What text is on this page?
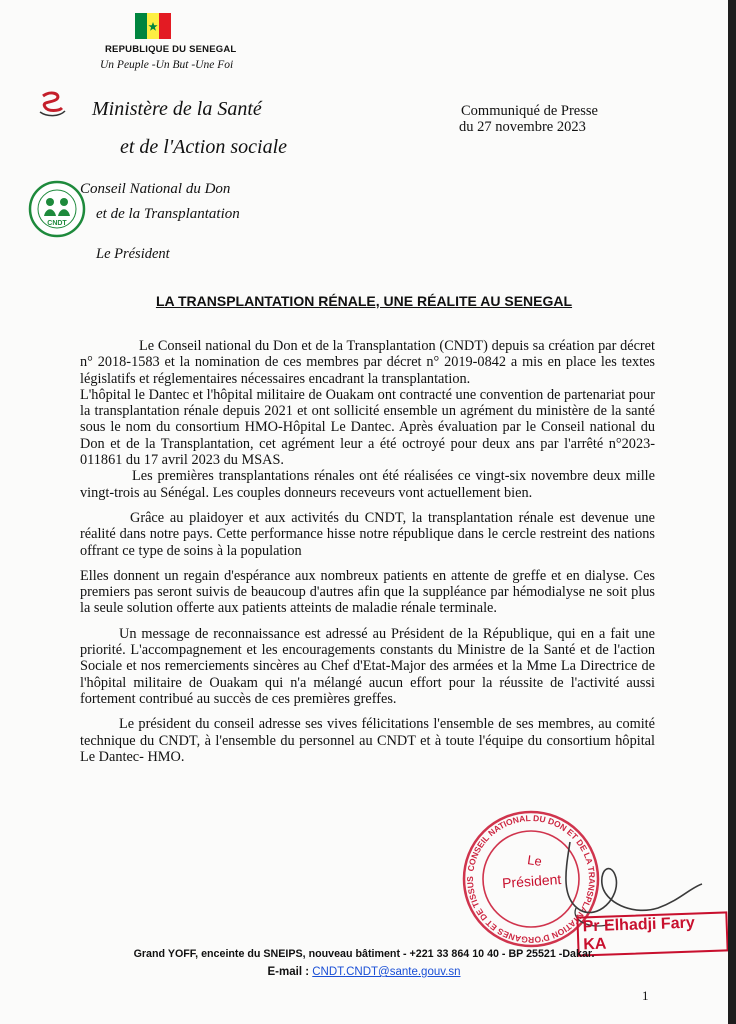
REPUBLIQUE DU SENEGAL
Un Peuple -Un But -Une Foi
Ministère de la Santé
et de l'Action sociale
Communiqué de Presse
du 27 novembre 2023
CNDT
Conseil National du Don
et de la Transplantation
Le Président
LA TRANSPLANTATION RÉNALE, UNE RÉALITE AU SENEGAL

Le Conseil national du Don et de la Transplantation (CNDT) depuis sa création par décret n° 2018-1583 et la nomination de ces membres par décret n° 2019-0842 a mis en place les textes législatifs et réglementaires nécessaires encadrant la transplantation.

L'hôpital le Dantec et l'hôpital militaire de Ouakam ont contracté une convention de partenariat pour la transplantation rénale depuis 2021 et ont sollicité ensemble un agrément du ministère de la santé sous le nom du consortium HMO-Hôpital Le Dantec. Après évaluation par le Conseil national du Don et de la Transplantation, cet agrément leur a été octroyé pour deux ans par l'arrêté n°2023-011861 du 17 avril 2023 du MSAS.

Les premières transplantations rénales ont été réalisées ce vingt-six novembre deux mille vingt-trois au Sénégal. Les couples donneurs receveurs vont actuellement bien.

Grâce au plaidoyer et aux activités du CNDT, la transplantation rénale est devenue une réalité dans notre pays. Cette performance hisse notre république dans le cercle restreint des nations offrant ce type de soins à la population

Elles donnent un regain d'espérance aux nombreux patients en attente de greffe et en dialyse. Ces premiers pas seront suivis de beaucoup d'autres afin que la suppléance par hémodialyse ne soit plus la seule solution offerte aux patients atteints de maladie rénale terminale.

Un message de reconnaissance est adressé au Président de la République, qui en a fait une priorité. L'accompagnement et les encouragements constants du Ministre de la Santé et de l'action Sociale et nos remerciements sincères au Chef d'Etat-Major des armées et la Mme La Directrice de l'hôpital militaire de Ouakam qui n'a mélangé aucun effort pour la réussite de l'activité aussi fortement contribué au succès de ces premières greffes.

Le président du conseil adresse ses vives félicitations l'ensemble de ses membres, au comité technique du CNDT, à l'ensemble du personnel au CNDT et à toute l'équipe du consortium hôpital Le Dantec- HMO.

CONSEIL NATIONAL DU DON ET DE LA TRANSPLANTATION D'ORGANES ET DE TISSUS
Le
Président
Pr Elhadji Fary KA
Grand YOFF, enceinte du SNEIPS, nouveau bâtiment - +221 33 864 10 40 - BP 25521 -Dakar.
E-mail : CNDT.CNDT@sante.gouv.sn
1
